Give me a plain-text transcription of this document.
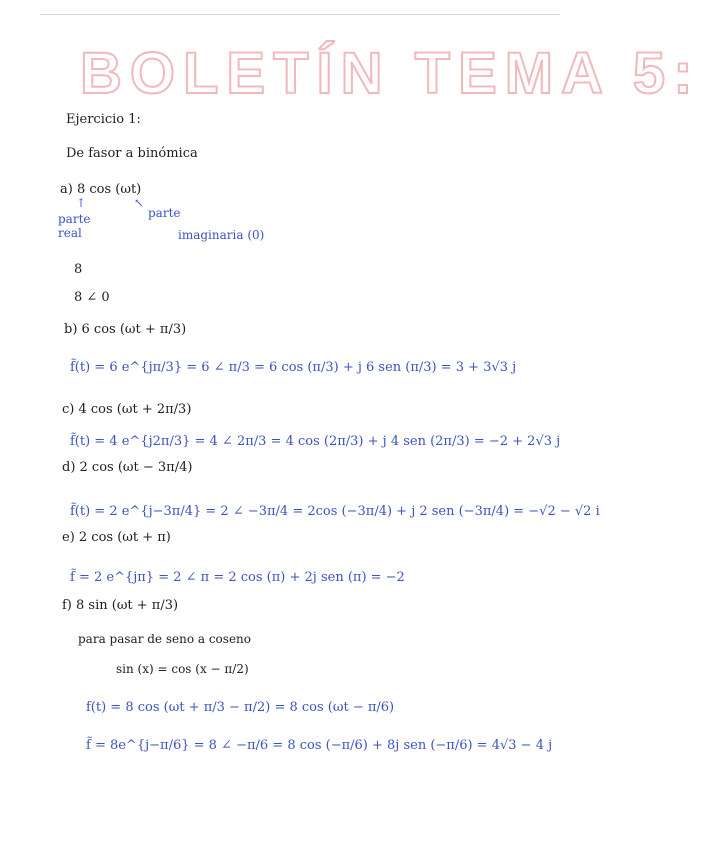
BOLETÍN TEMA 5:
Ejercicio 1:
De fasor a binómica
a) 8 cos (ωt)
↑	↖
parte real
parte
imaginaria (0)
8
8 ∠ 0
b) 6 cos (ωt + π/3)
f̃(t) = 6 e^{jπ/3} = 6 ∠ π/3 = 6 cos (π/3) + j 6 sen (π/3) = 3 + 3√3 j
c) 4 cos (ωt + 2π/3)
f̃(t) = 4 e^{j2π/3} = 4 ∠ 2π/3 = 4 cos (2π/3) + j 4 sen (2π/3) = −2 + 2√3 j
d) 2 cos (ωt − 3π/4)
f̃(t) = 2 e^{j−3π/4} = 2 ∠ −3π/4 = 2cos (−3π/4) + j 2 sen (−3π/4) = −√2 − √2 i
e) 2 cos (ωt + π)
f̃ = 2 e^{jπ} = 2 ∠ π = 2 cos (π) + 2j sen (π) = −2
f) 8 sin (ωt + π/3)
para pasar de seno a coseno
sin (x) = cos (x − π/2)
f(t) = 8 cos (ωt + π/3 − π/2) = 8 cos (ωt − π/6)
f̃ = 8e^{j−π/6} = 8 ∠ −π/6 = 8 cos (−π/6) + 8j sen (−π/6) = 4√3 − 4 j
